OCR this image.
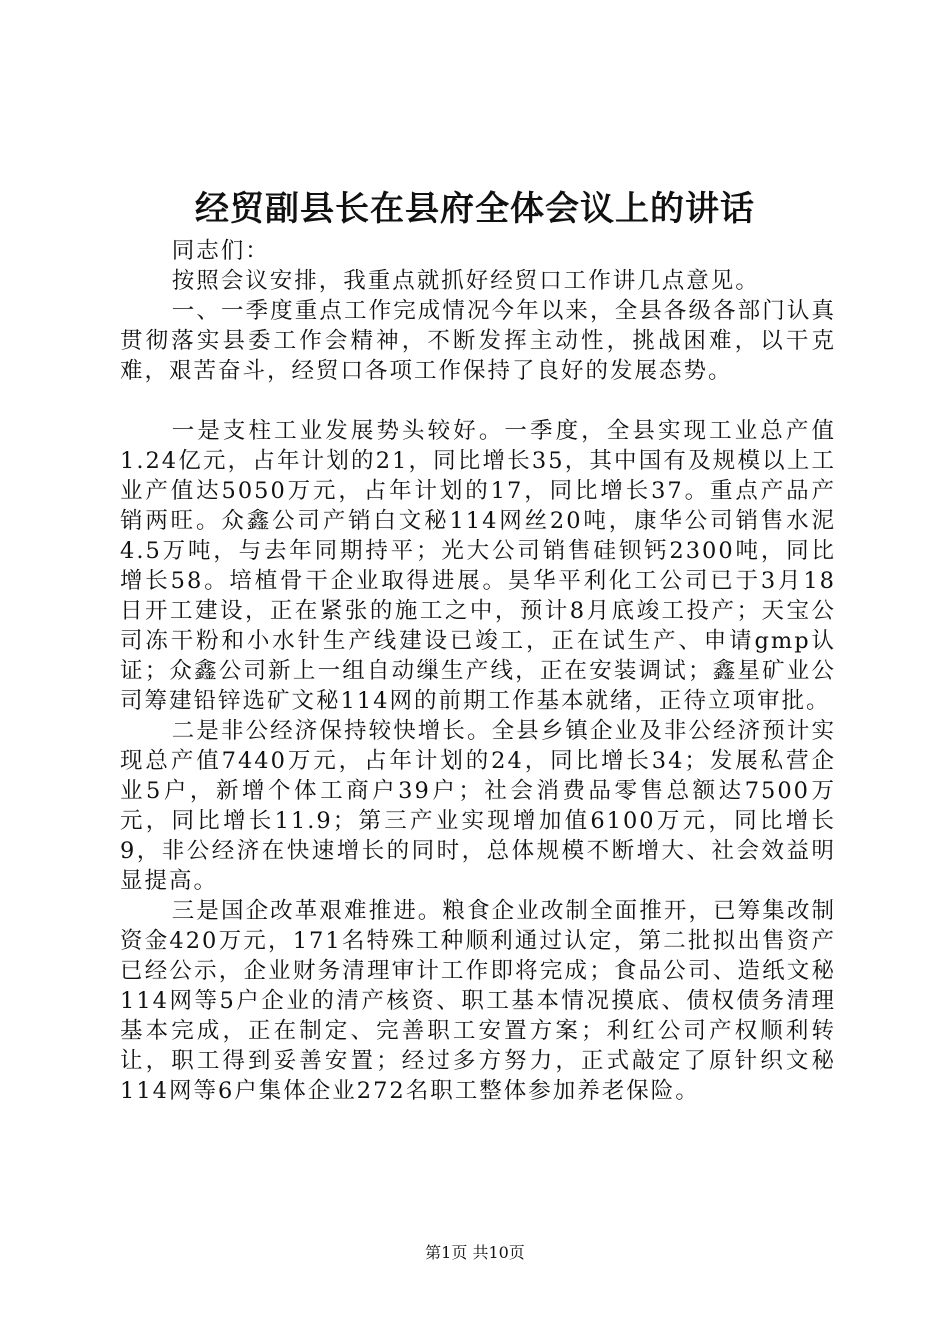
经贸副县长在县府全体会议上的讲话

同志们：

按照会议安排，我重点就抓好经贸口工作讲几点意见。

一、一季度重点工作完成情况今年以来，全县各级各部门认真贯彻落实县委工作会精神，不断发挥主动性，挑战困难，以干克难，艰苦奋斗，经贸口各项工作保持了良好的发展态势。

一是支柱工业发展势头较好。一季度，全县实现工业总产值1.24亿元，占年计划的21，同比增长35，其中国有及规模以上工业产值达5050万元，占年计划的17，同比增长37。重点产品产销两旺。众鑫公司产销白文秘114网丝20吨，康华公司销售水泥4.5万吨，与去年同期持平；光大公司销售硅钡钙2300吨，同比增长58。培植骨干企业取得进展。昊华平利化工公司已于3月18日开工建设，正在紧张的施工之中，预计8月底竣工投产；天宝公司冻干粉和小水针生产线建设已竣工，正在试生产、申请gmp认证；众鑫公司新上一组自动缫生产线，正在安装调试；鑫星矿业公司筹建铅锌选矿文秘114网的前期工作基本就绪，正待立项审批。

二是非公经济保持较快增长。全县乡镇企业及非公经济预计实现总产值7440万元，占年计划的24，同比增长34；发展私营企业5户，新增个体工商户39户；社会消费品零售总额达7500万元，同比增长11.9；第三产业实现增加值6100万元，同比增长9，非公经济在快速增长的同时，总体规模不断增大、社会效益明显提高。

三是国企改革艰难推进。粮食企业改制全面推开，已筹集改制资金420万元，171名特殊工种顺利通过认定，第二批拟出售资产已经公示，企业财务清理审计工作即将完成；食品公司、造纸文秘114网等5户企业的清产核资、职工基本情况摸底、债权债务清理基本完成，正在制定、完善职工安置方案；利红公司产权顺利转让，职工得到妥善安置；经过多方努力，正式敲定了原针织文秘114网等6户集体企业272名职工整体参加养老保险。

第1页 共10页
